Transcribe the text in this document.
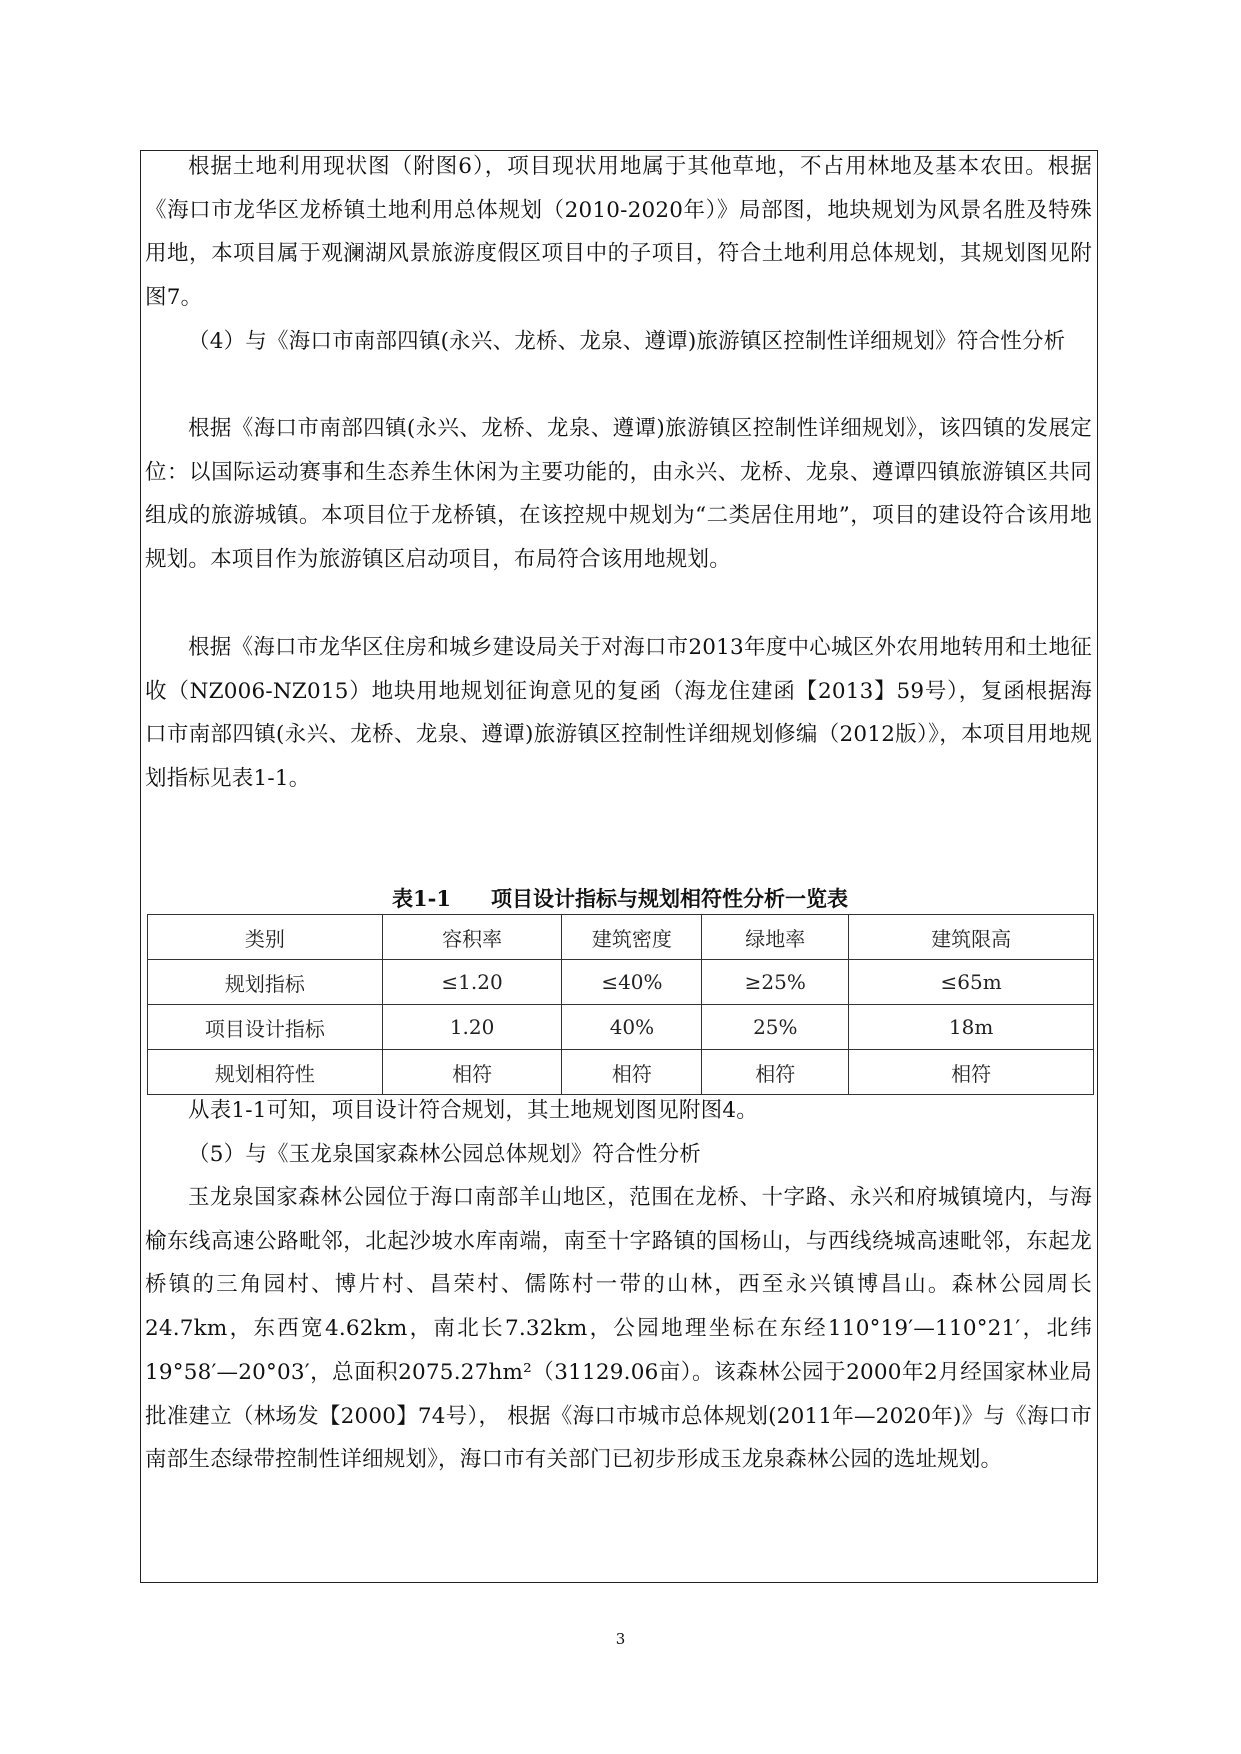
根据土地利用现状图（附图6），项目现状用地属于其他草地，不占用林地及基本农田。根据《海口市龙华区龙桥镇土地利用总体规划（2010-2020年）》局部图，地块规划为风景名胜及特殊用地，本项目属于观澜湖风景旅游度假区项目中的子项目，符合土地利用总体规划，其规划图见附图7。

（4）与《海口市南部四镇(永兴、龙桥、龙泉、遵谭)旅游镇区控制性详细规划》符合性分析

根据《海口市南部四镇(永兴、龙桥、龙泉、遵谭)旅游镇区控制性详细规划》，该四镇的发展定位：以国际运动赛事和生态养生休闲为主要功能的，由永兴、龙桥、龙泉、遵谭四镇旅游镇区共同组成的旅游城镇。本项目位于龙桥镇，在该控规中规划为“二类居住用地”，项目的建设符合该用地规划。本项目作为旅游镇区启动项目，布局符合该用地规划。

根据《海口市龙华区住房和城乡建设局关于对海口市2013年度中心城区外农用地转用和土地征收（NZ006-NZ015）地块用地规划征询意见的复函（海龙住建函【2013】59号），复函根据海口市南部四镇(永兴、龙桥、龙泉、遵谭)旅游镇区控制性详细规划修编（2012版）》，本项目用地规划指标见表1-1。

表1-1 项目设计指标与规划相符性分析一览表
类别	容积率	建筑密度	绿地率	建筑限高
规划指标	≤1.20	≤40%	≥25%	≤65m
项目设计指标	1.20	40%	25%	18m
规划相符性	相符	相符	相符	相符

从表1-1可知，项目设计符合规划，其土地规划图见附图4。

（5）与《玉龙泉国家森林公园总体规划》符合性分析

玉龙泉国家森林公园位于海口南部羊山地区，范围在龙桥、十字路、永兴和府城镇境内，与海榆东线高速公路毗邻，北起沙坡水库南端，南至十字路镇的国杨山，与西线绕城高速毗邻，东起龙桥镇的三角园村、博片村、昌荣村、儒陈村一带的山林，西至永兴镇博昌山。森林公园周长24.7km，东西宽4.62km，南北长7.32km，公园地理坐标在东经110°19′—110°21′，北纬19°58′—20°03′，总面积2075.27hm²（31129.06亩）。该森林公园于2000年2月经国家林业局批准建立（林场发【2000】74号）， 根据《海口市城市总体规划(2011年—2020年)》与《海口市南部生态绿带控制性详细规划》，海口市有关部门已初步形成玉龙泉森林公园的选址规划。

3
